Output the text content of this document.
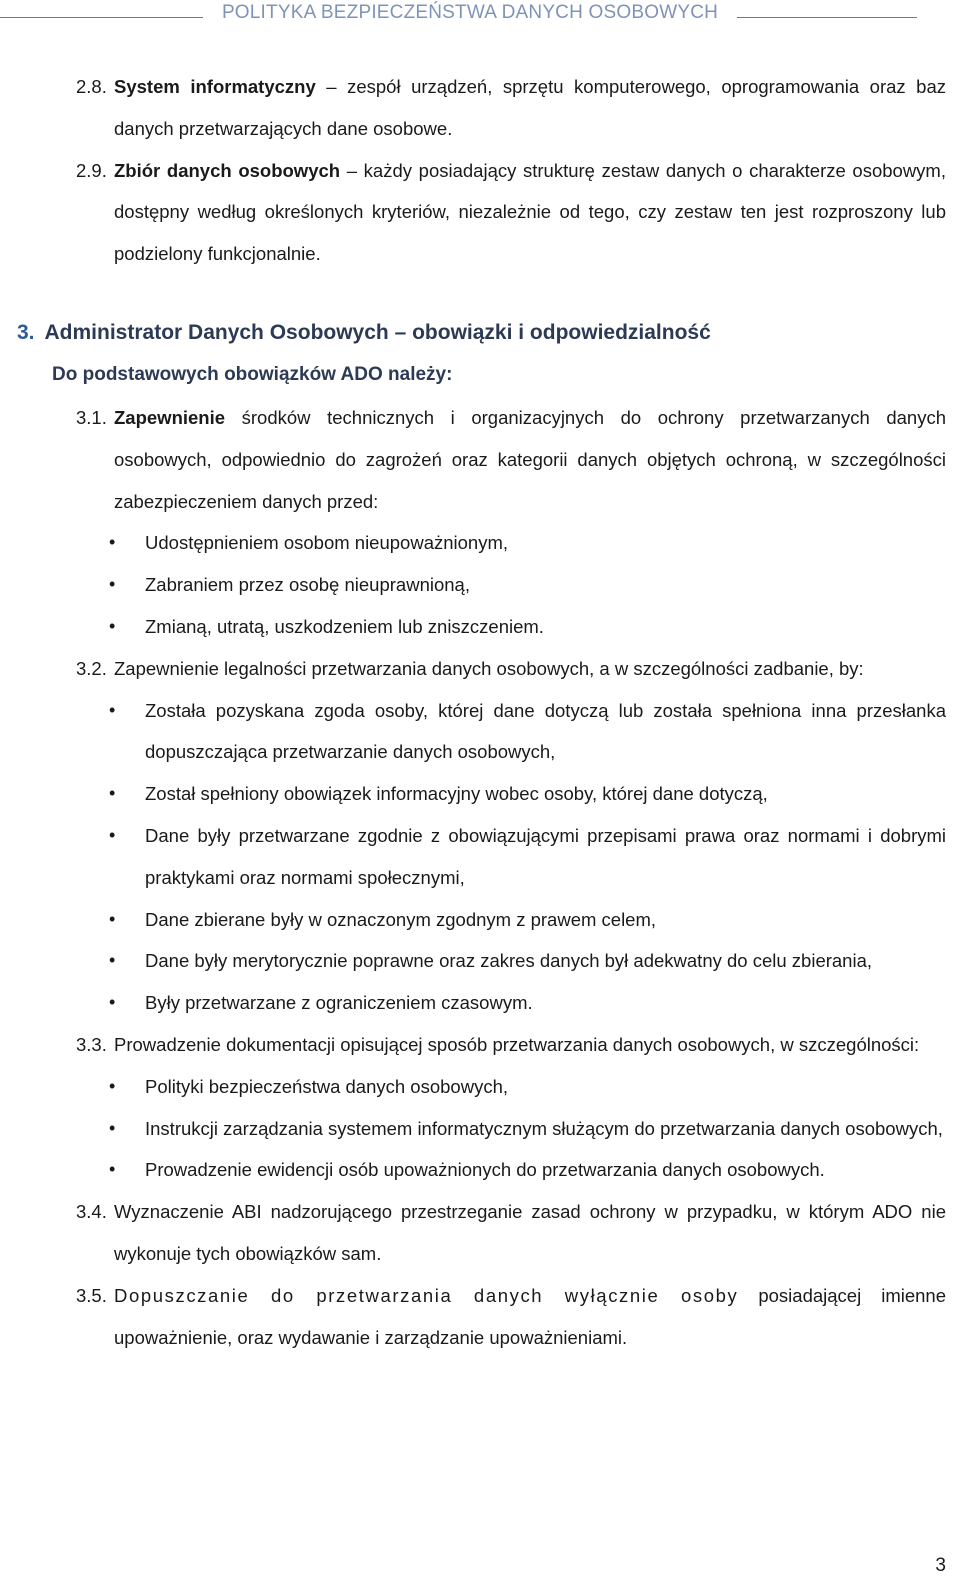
POLITYKA BEZPIECZEŃSTWA DANYCH OSOBOWYCH
2.8. System informatyczny – zespół urządzeń, sprzętu komputerowego, oprogramowania oraz baz danych przetwarzających dane osobowe.
2.9. Zbiór danych osobowych – każdy posiadający strukturę zestaw danych o charakterze osobowym, dostępny według określonych kryteriów, niezależnie od tego, czy zestaw ten jest rozproszony lub podzielony funkcjonalnie.
3. Administrator Danych Osobowych – obowiązki i odpowiedzialność
Do podstawowych obowiązków ADO należy:
3.1. Zapewnienie środków technicznych i organizacyjnych do ochrony przetwarzanych danych osobowych, odpowiednio do zagrożeń oraz kategorii danych objętych ochroną, w szczególności zabezpieczeniem danych przed:
• Udostępnieniem osobom nieupoważnionym,
• Zabraniem przez osobę nieuprawnioną,
• Zmianą, utratą, uszkodzeniem lub zniszczeniem.
3.2. Zapewnienie legalności przetwarzania danych osobowych, a w szczególności zadbanie, by:
• Została pozyskana zgoda osoby, której dane dotyczą lub została spełniona inna przesłanka dopuszczająca przetwarzanie danych osobowych,
• Został spełniony obowiązek informacyjny wobec osoby, której dane dotyczą,
• Dane były przetwarzane zgodnie z obowiązującymi przepisami prawa oraz normami i dobrymi praktykami oraz normami społecznymi,
• Dane zbierane były w oznaczonym zgodnym z prawem celem,
• Dane były merytorycznie poprawne oraz zakres danych był adekwatny do celu zbierania,
• Były przetwarzane z ograniczeniem czasowym.
3.3. Prowadzenie dokumentacji opisującej sposób przetwarzania danych osobowych, w szczególności:
• Polityki bezpieczeństwa danych osobowych,
• Instrukcji zarządzania systemem informatycznym służącym do przetwarzania danych osobowych,
• Prowadzenie ewidencji osób upoważnionych do przetwarzania danych osobowych.
3.4. Wyznaczenie ABI nadzorującego przestrzeganie zasad ochrony w przypadku, w którym ADO nie wykonuje tych obowiązków sam.
3.5. Dopuszczanie do przetwarzania danych wyłącznie osoby posiadającej imienne upoważnienie, oraz wydawanie i zarządzanie upoważnieniami.
3
